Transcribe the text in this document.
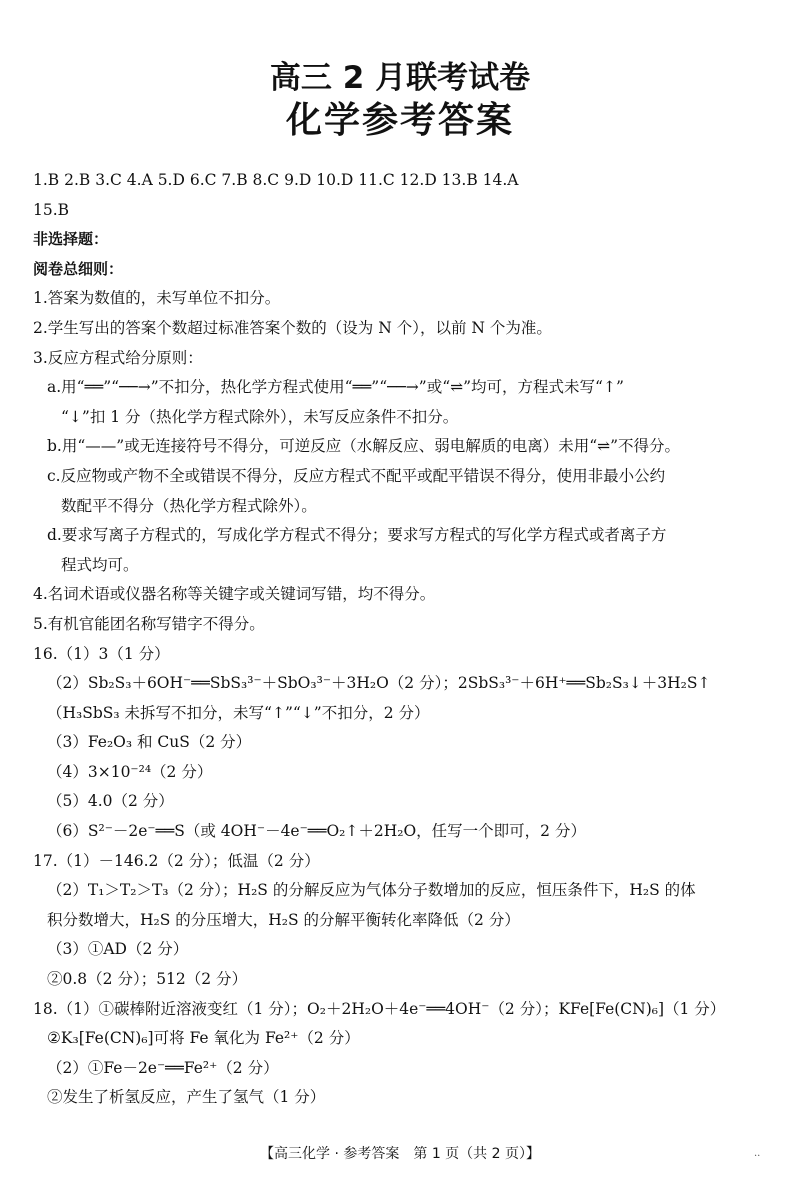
高三 2 月联考试卷
化学参考答案
1.B 2.B 3.C 4.A 5.D 6.C 7.B 8.C 9.D 10.D 11.C 12.D 13.B 14.A
15.B
非选择题：
阅卷总细则：
1.答案为数值的，未写单位不扣分。
2.学生写出的答案个数超过标准答案个数的（设为 N 个），以前 N 个为准。
3.反应方程式给分原则：
a.用“══”“──→”不扣分，热化学方程式使用“══”“──→”或“⇌”均可，方程式未写“↑”
“↓”扣 1 分（热化学方程式除外），未写反应条件不扣分。
b.用“——”或无连接符号不得分，可逆反应（水解反应、弱电解质的电离）未用“⇌”不得分。
c.反应物或产物不全或错误不得分，反应方程式不配平或配平错误不得分，使用非最小公约
数配平不得分（热化学方程式除外）。
d.要求写离子方程式的，写成化学方程式不得分；要求写方程式的写化学方程式或者离子方
程式均可。
4.名词术语或仪器名称等关键字或关键词写错，均不得分。
5.有机官能团名称写错字不得分。
16.（1）3（1 分）
（2）Sb₂S₃＋6OH⁻══SbS₃³⁻＋SbO₃³⁻＋3H₂O（2 分）；2SbS₃³⁻＋6H⁺══Sb₂S₃↓＋3H₂S↑
（H₃SbS₃ 未拆写不扣分，未写“↑”“↓”不扣分，2 分）
（3）Fe₂O₃ 和 CuS（2 分）
（4）3×10⁻²⁴（2 分）
（5）4.0（2 分）
（6）S²⁻－2e⁻══S（或 4OH⁻－4e⁻══O₂↑＋2H₂O，任写一个即可，2 分）
17.（1）－146.2（2 分）；低温（2 分）
（2）T₁＞T₂＞T₃（2 分）；H₂S 的分解反应为气体分子数增加的反应，恒压条件下，H₂S 的体
积分数增大，H₂S 的分压增大，H₂S 的分解平衡转化率降低（2 分）
（3）①AD（2 分）
②0.8（2 分）；512（2 分）
18.（1）①碳棒附近溶液变红（1 分）；O₂＋2H₂O＋4e⁻══4OH⁻（2 分）；KFe[Fe(CN)₆]（1 分）
②K₃[Fe(CN)₆]可将 Fe 氧化为 Fe²⁺（2 分）
（2）①Fe－2e⁻══Fe²⁺（2 分）
②发生了析氢反应，产生了氢气（1 分）
【高三化学 · 参考答案　第 1 页（共 2 页）】	..
